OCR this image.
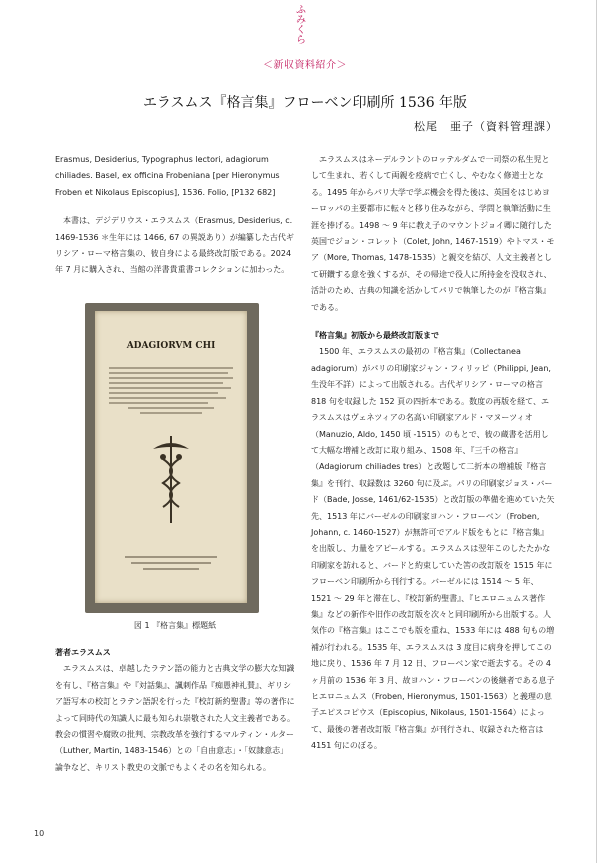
ふ
み
く
ら
＜新収資料紹介＞
エラスムス『格言集』フローベン印刷所 1536 年版
松尾　亜子（資料管理課）

Erasmus, Desiderius, Typographus lectori, adagiorum chiliades. Basel, ex officina Frobeniana [per Hieronymus Froben et Nikolaus Episcopius], 1536. Folio, [P132 682]

本書は、デジデリウス・エラスムス（Erasmus, Desiderius, c. 1469-1536 ＊生年には 1466, 67 の異説あり）が編纂した古代ギリシア・ローマ格言集の、彼自身による最終改訂版である。2024 年 7 月に購入され、当館の洋書貴重書コレクションに加わった。

ADAGIORVM CHI
図 1 『格言集』標題紙

著者エラスムス

エラスムスは、卓越したラテン語の能力と古典文学の膨大な知識を有し、『格言集』や『対話集』、諷刺作品『痴愚神礼賛』、ギリシア語写本の校訂とラテン語訳を行った『校訂新約聖書』等の著作によって同時代の知識人に最も知られ崇敬された人文主義者である。教会の慣習や腐敗の批判、宗教改革を強行するマルティン・ルター（Luther, Martin, 1483-1546）との「自由意志」・「奴隷意志」論争など、キリスト教史の文脈でもよくその名を知られる。

エラスムスはネーデルラントのロッテルダムで一司祭の私生児として生まれ、若くして両親を疫病で亡くし、やむなく修道士となる。1495 年からパリ大学で学ぶ機会を得た後は、英国をはじめヨーロッパの主要都市に転々と移り住みながら、学問と執筆活動に生涯を捧げる。1498 ～ 9 年に教え子のマウントジョイ卿に随行した英国でジョン・コレット（Colet, John, 1467-1519）やトマス・モア（More, Thomas, 1478-1535）と親交を結び、人文主義者として研鑽する意を強くするが、その帰途で役人に所持金を没収され、活計のため、古典の知識を活かしてパリで執筆したのが『格言集』である。

『格言集』初版から最終改訂版まで

1500 年、エラスムスの最初の『格言集』（Collectanea adagiorum）がパリの印刷家ジャン・フィリッピ（Philippi, Jean, 生没年不詳）によって出版される。古代ギリシア・ローマの格言 818 句を収録した 152 頁の四折本である。数度の再版を経て、エラスムスはヴェネツィアの名高い印刷家アルド・マヌーツィオ（Manuzio, Aldo, 1450 頃 -1515）のもとで、彼の蔵書を活用して大幅な増補と改訂に取り組み、1508 年、『三千の格言』（Adagiorum chiliades tres）と改題して二折本の増補版『格言集』を刊行、収録数は 3260 句に及ぶ。パリの印刷家ジョス・バード（Bade, Josse, 1461/62-1535）と改訂版の準備を進めていた矢先、1513 年にバーゼルの印刷家ヨハン・フローベン（Froben, Johann, c. 1460-1527）が無許可でアルド版をもとに『格言集』を出版し、力量をアピールする。エラスムスは翌年このしたたかな印刷家を訪れると、バードと約束していた筈の改訂版を 1515 年にフローベン印刷所から刊行する。バーゼルには 1514 ～ 5 年、1521 ～ 29 年と滞在し、『校訂新約聖書』、『ヒエロニュムス著作集』などの新作や旧作の改訂版を次々と同印刷所から出版する。人気作の『格言集』はここでも版を重ね、1533 年には 488 句もの増補が行われる。1535 年、エラスムスは 3 度目に病身を押してこの地に戻り、1536 年 7 月 12 日、フローベン家で逝去する。その 4 ヶ月前の 1536 年 3 月、故ヨハン・フローベンの後継者である息子ヒエロニュムス（Froben, Hieronymus, 1501-1563）と義理の息子エピスコピウス（Episcopius, Nikolaus, 1501-1564）によって、最後の著者改訂版『格言集』が刊行され、収録された格言は 4151 句にのぼる。

10
